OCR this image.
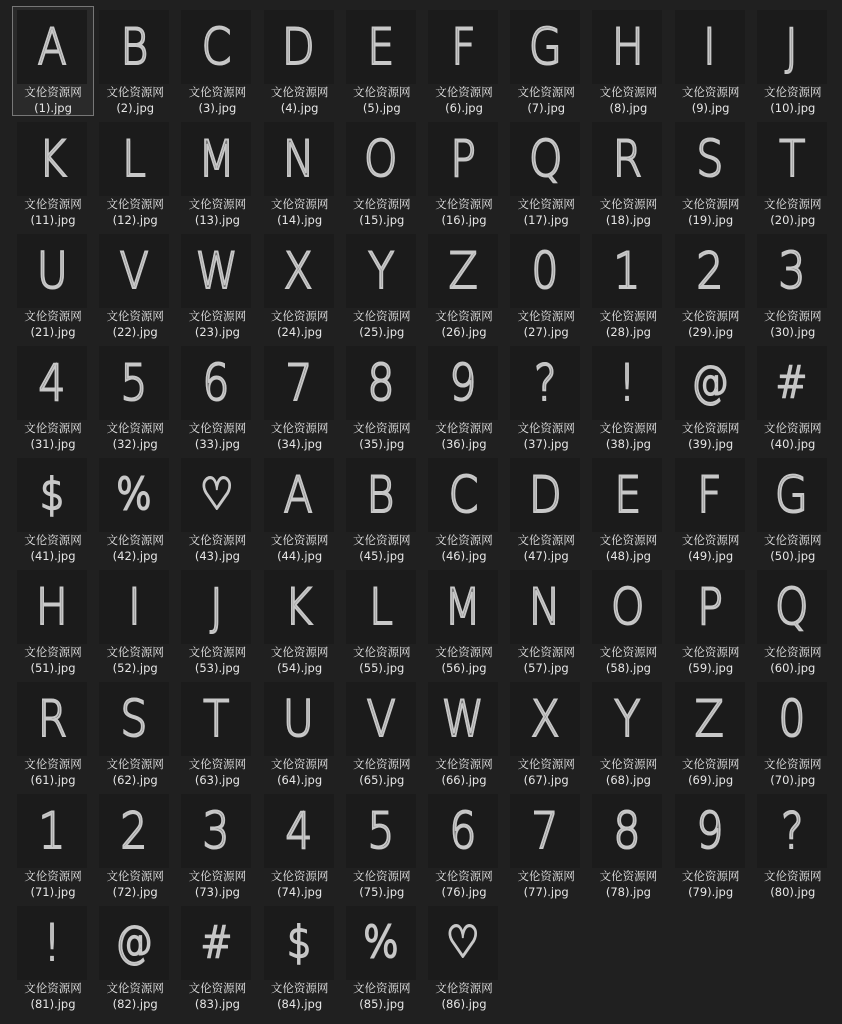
A
文伦资源网
(1).jpg
B
文伦资源网
(2).jpg
C
文伦资源网
(3).jpg
D
文伦资源网
(4).jpg
E
文伦资源网
(5).jpg
F
文伦资源网
(6).jpg
G
文伦资源网
(7).jpg
H
文伦资源网
(8).jpg
I
文伦资源网
(9).jpg
J
文伦资源网
(10).jpg
K
文伦资源网
(11).jpg
L
文伦资源网
(12).jpg
M
文伦资源网
(13).jpg
N
文伦资源网
(14).jpg
O
文伦资源网
(15).jpg
P
文伦资源网
(16).jpg
Q
文伦资源网
(17).jpg
R
文伦资源网
(18).jpg
S
文伦资源网
(19).jpg
T
文伦资源网
(20).jpg
U
文伦资源网
(21).jpg
V
文伦资源网
(22).jpg
W
文伦资源网
(23).jpg
X
文伦资源网
(24).jpg
Y
文伦资源网
(25).jpg
Z
文伦资源网
(26).jpg
0
文伦资源网
(27).jpg
1
文伦资源网
(28).jpg
2
文伦资源网
(29).jpg
3
文伦资源网
(30).jpg
4
文伦资源网
(31).jpg
5
文伦资源网
(32).jpg
6
文伦资源网
(33).jpg
7
文伦资源网
(34).jpg
8
文伦资源网
(35).jpg
9
文伦资源网
(36).jpg
?
文伦资源网
(37).jpg
!
文伦资源网
(38).jpg
@
文伦资源网
(39).jpg
#
文伦资源网
(40).jpg
$
文伦资源网
(41).jpg
%
文伦资源网
(42).jpg
♡
文伦资源网
(43).jpg
A
文伦资源网
(44).jpg
B
文伦资源网
(45).jpg
C
文伦资源网
(46).jpg
D
文伦资源网
(47).jpg
E
文伦资源网
(48).jpg
F
文伦资源网
(49).jpg
G
文伦资源网
(50).jpg
H
文伦资源网
(51).jpg
I
文伦资源网
(52).jpg
J
文伦资源网
(53).jpg
K
文伦资源网
(54).jpg
L
文伦资源网
(55).jpg
M
文伦资源网
(56).jpg
N
文伦资源网
(57).jpg
O
文伦资源网
(58).jpg
P
文伦资源网
(59).jpg
Q
文伦资源网
(60).jpg
R
文伦资源网
(61).jpg
S
文伦资源网
(62).jpg
T
文伦资源网
(63).jpg
U
文伦资源网
(64).jpg
V
文伦资源网
(65).jpg
W
文伦资源网
(66).jpg
X
文伦资源网
(67).jpg
Y
文伦资源网
(68).jpg
Z
文伦资源网
(69).jpg
0
文伦资源网
(70).jpg
1
文伦资源网
(71).jpg
2
文伦资源网
(72).jpg
3
文伦资源网
(73).jpg
4
文伦资源网
(74).jpg
5
文伦资源网
(75).jpg
6
文伦资源网
(76).jpg
7
文伦资源网
(77).jpg
8
文伦资源网
(78).jpg
9
文伦资源网
(79).jpg
?
文伦资源网
(80).jpg
!
文伦资源网
(81).jpg
@
文伦资源网
(82).jpg
#
文伦资源网
(83).jpg
$
文伦资源网
(84).jpg
%
文伦资源网
(85).jpg
♡
文伦资源网
(86).jpg
